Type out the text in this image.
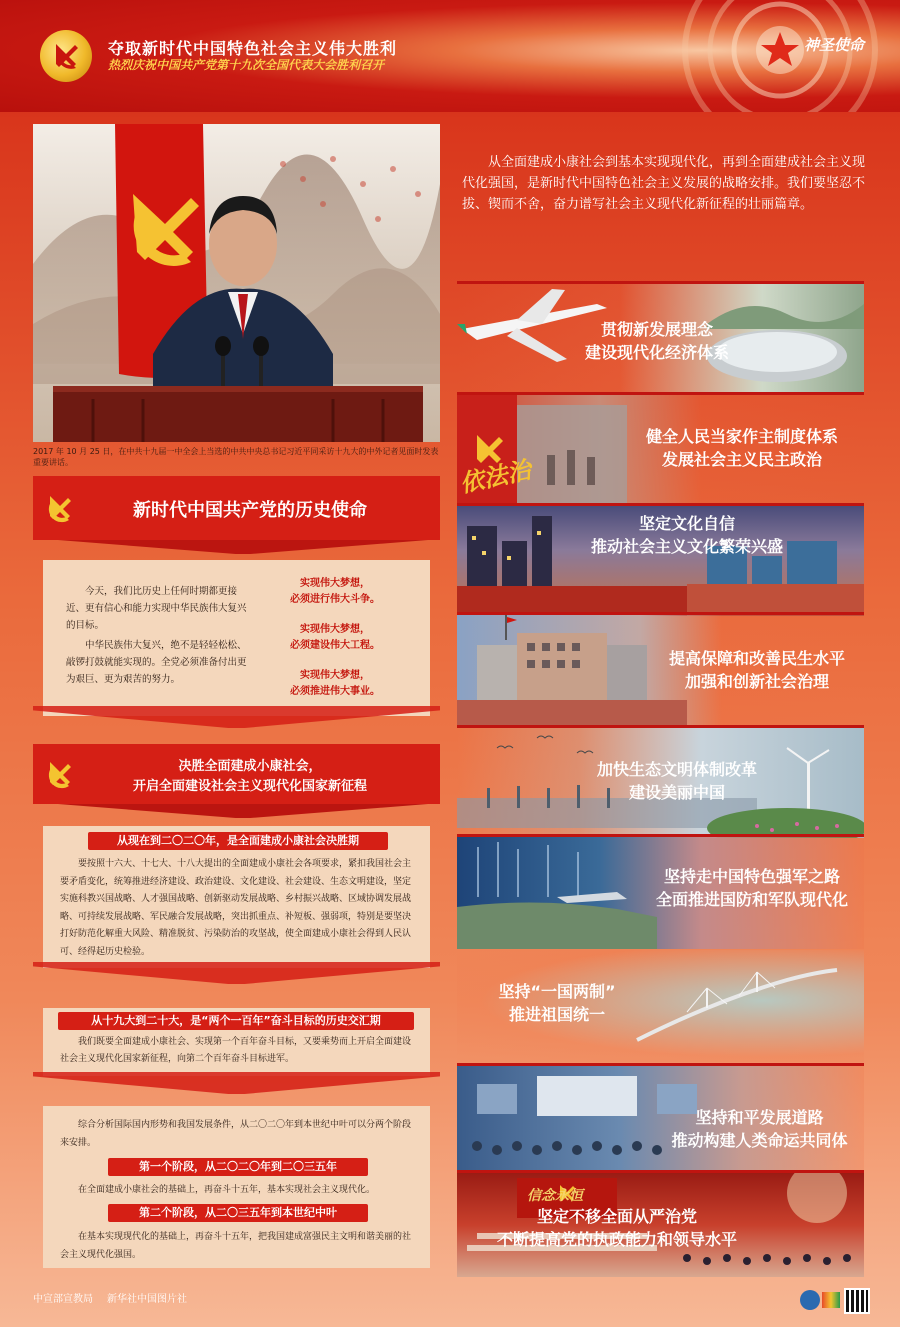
夺取新时代中国特色社会主义伟大胜利
热烈庆祝中国共产党第十九次全国代表大会胜利召开
神圣使命
2017 年 10 月 25 日，在中共十九届一中全会上当选的中共中央总书记习近平同采访十九大的中外记者见面时发表重要讲话。
从全面建成小康社会到基本实现现代化，再到全面建成社会主义现代化强国，是新时代中国特色社会主义发展的战略安排。我们要坚忍不拔、锲而不舍，奋力谱写社会主义现代化新征程的壮丽篇章。
新时代中国共产党的历史使命
今天，我们比历史上任何时期都更接近、更有信心和能力实现中华民族伟大复兴的目标。
中华民族伟大复兴，绝不是轻轻松松、敲锣打鼓就能实现的。全党必须准备付出更为艰巨、更为艰苦的努力。
实现伟大梦想，
必须进行伟大斗争。
实现伟大梦想，
必须建设伟大工程。
实现伟大梦想，
必须推进伟大事业。
决胜全面建成小康社会，
开启全面建设社会主义现代化国家新征程
从现在到二〇二〇年，是全面建成小康社会决胜期
要按照十六大、十七大、十八大提出的全面建成小康社会各项要求，紧扣我国社会主要矛盾变化，统筹推进经济建设、政治建设、文化建设、社会建设、生态文明建设，坚定实施科教兴国战略、人才强国战略、创新驱动发展战略、乡村振兴战略、区域协调发展战略、可持续发展战略、军民融合发展战略，突出抓重点、补短板、强弱项，特别是要坚决打好防范化解重大风险、精准脱贫、污染防治的攻坚战，使全面建成小康社会得到人民认可、经得起历史检验。
从十九大到二十大，是“两个一百年”奋斗目标的历史交汇期
我们既要全面建成小康社会、实现第一个百年奋斗目标，又要乘势而上开启全面建设社会主义现代化国家新征程，向第二个百年奋斗目标进军。
综合分析国际国内形势和我国发展条件，从二〇二〇年到本世纪中叶可以分两个阶段来安排。
第一个阶段，从二〇二〇年到二〇三五年
在全面建成小康社会的基础上，再奋斗十五年，基本实现社会主义现代化。
第二个阶段，从二〇三五年到本世纪中叶
在基本实现现代化的基础上，再奋斗十五年，把我国建成富强民主文明和谐美丽的社会主义现代化强国。
贯彻新发展理念
建设现代化经济体系
依法治
健全人民当家作主制度体系
发展社会主义民主政治
坚定文化自信
推动社会主义文化繁荣兴盛
提高保障和改善民生水平
加强和创新社会治理
加快生态文明体制改革
建设美丽中国
坚持走中国特色强军之路
全面推进国防和军队现代化
坚持“一国两制”
推进祖国统一
坚持和平发展道路
推动构建人类命运共同体
信念永恒
坚定不移全面从严治党
不断提高党的执政能力和领导水平
中宣部宣教局 新华社中国图片社
